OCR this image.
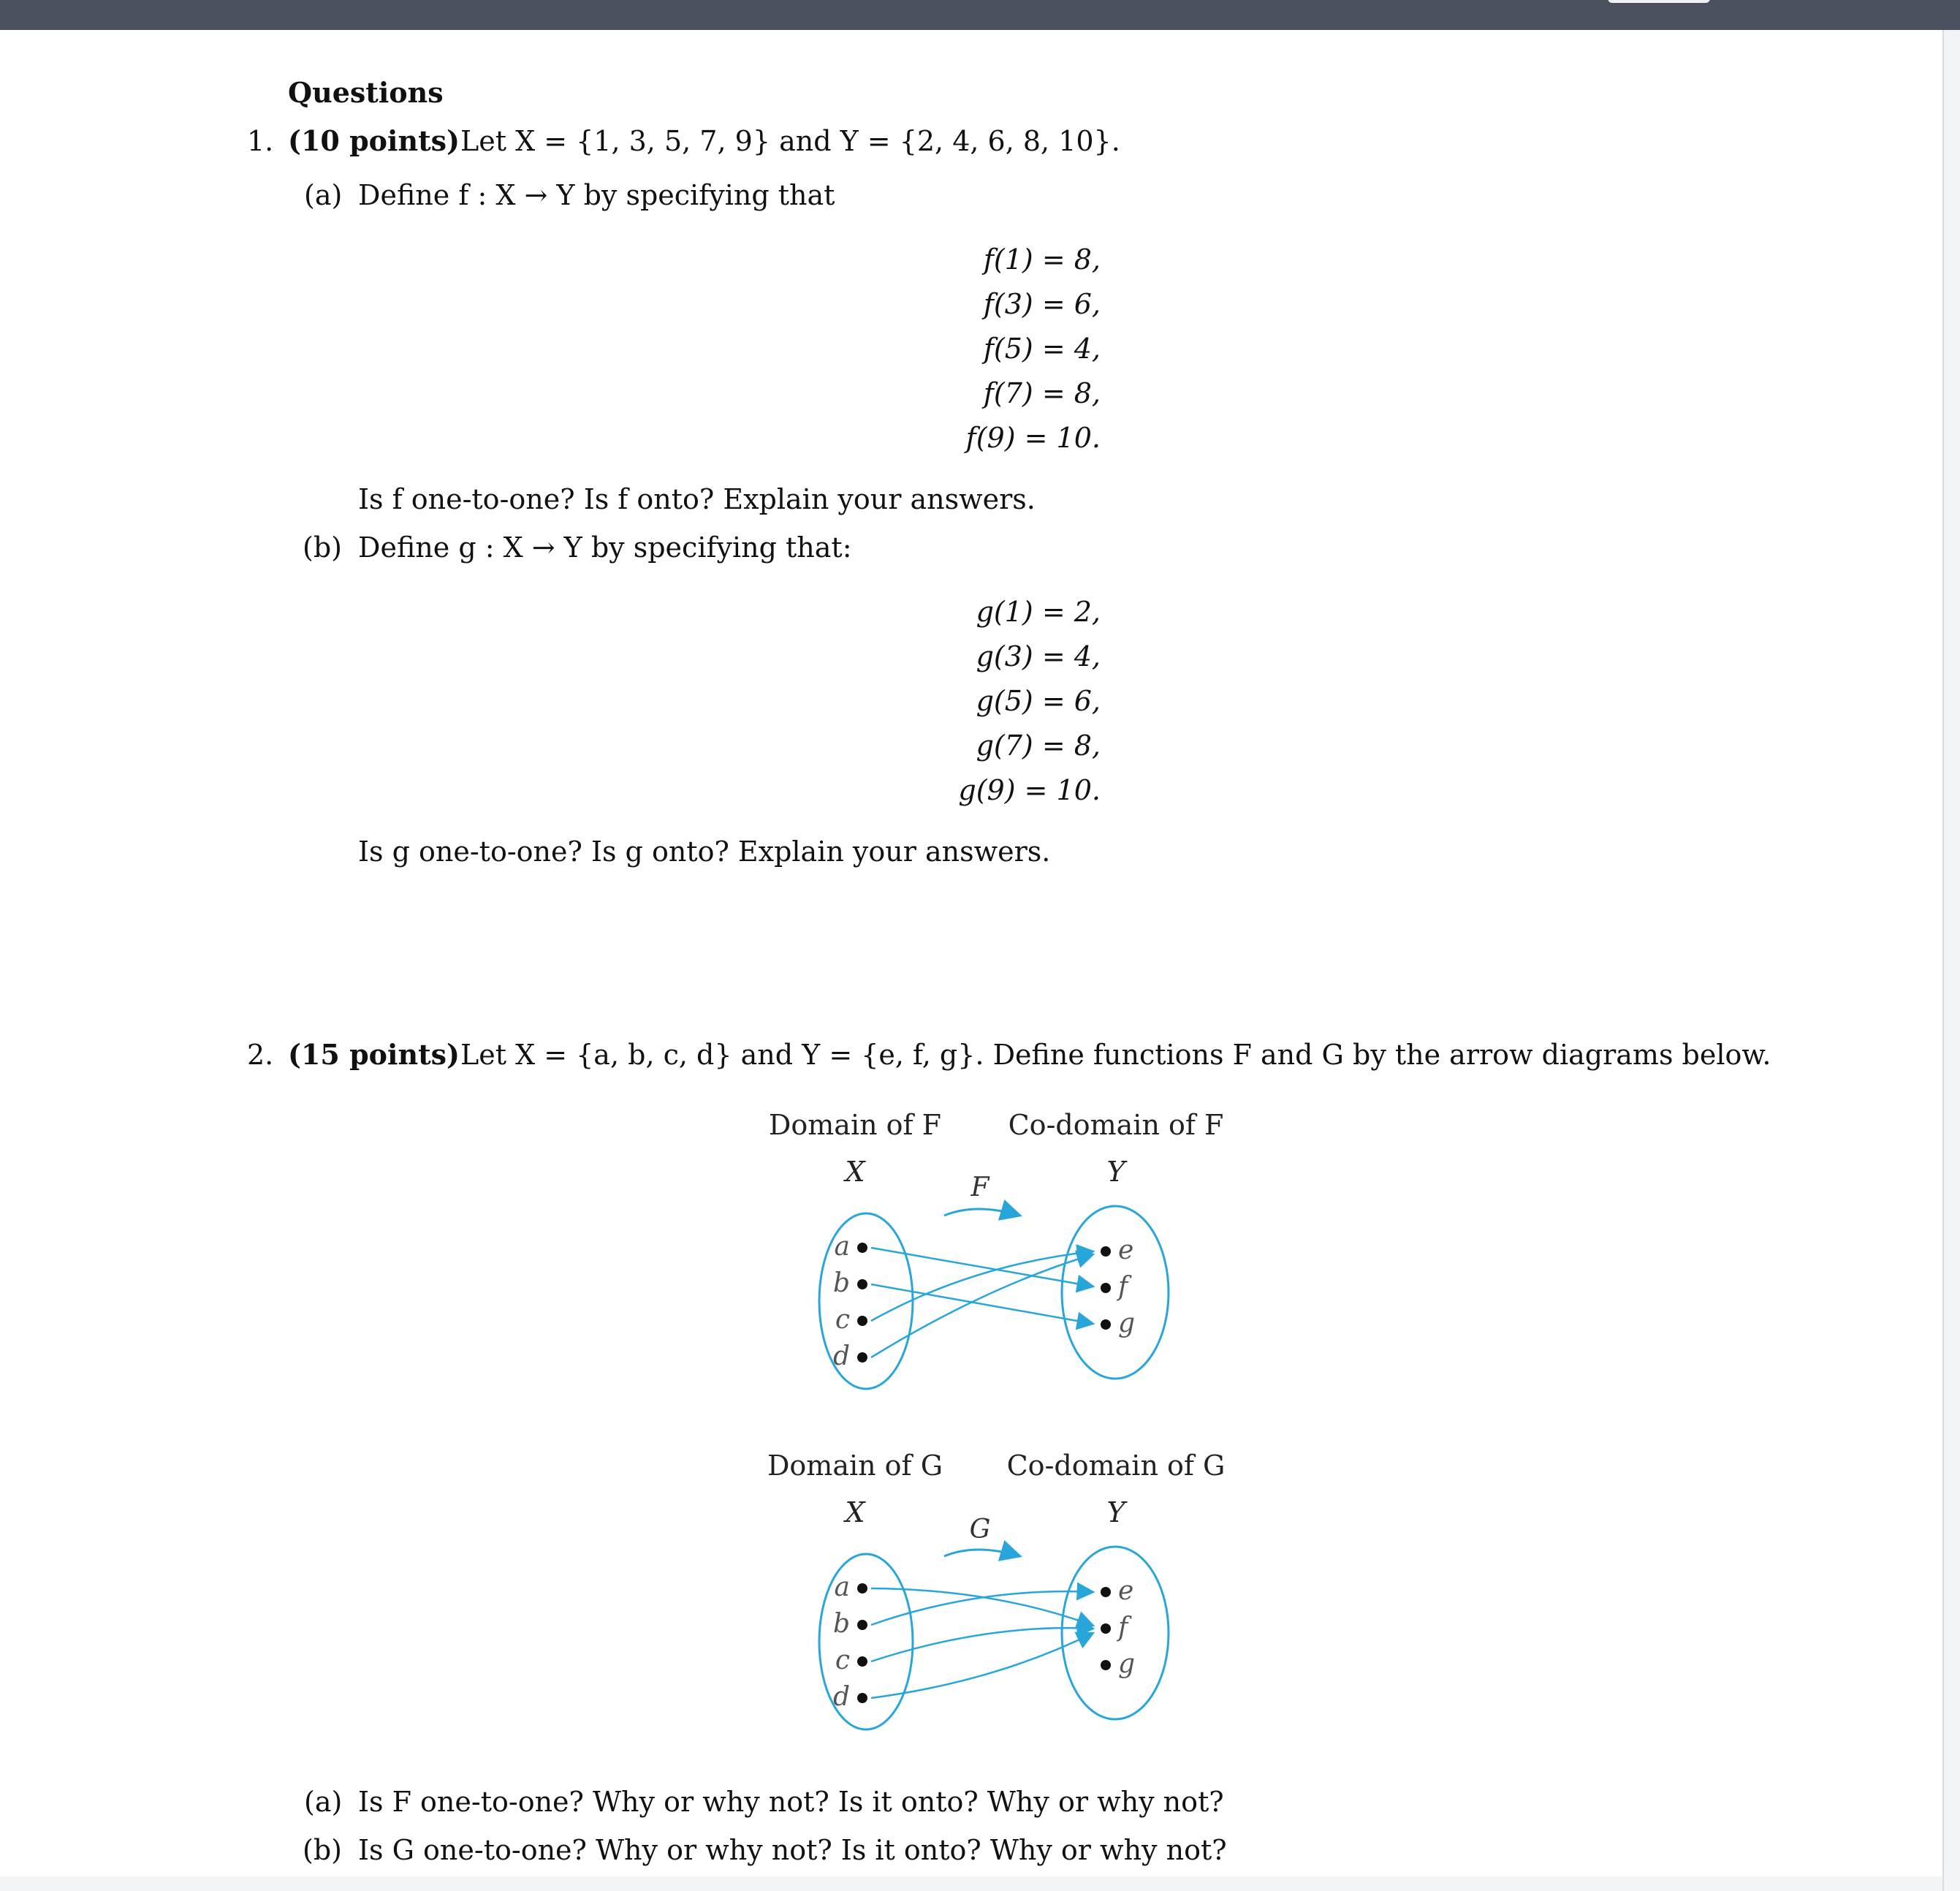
Questions
1. (10 points) Let X = {1, 3, 5, 7, 9} and Y = {2, 4, 6, 8, 10}.
(a) Define f : X → Y by specifying that
f(1) = 8,
f(3) = 6,
f(5) = 4,
f(7) = 8,
f(9) = 10.
Is f one-to-one? Is f onto? Explain your answers.
(b) Define g : X → Y by specifying that:
g(1) = 2,
g(3) = 4,
g(5) = 6,
g(7) = 8,
g(9) = 10.
Is g one-to-one? Is g onto? Explain your answers.
2. (15 points) Let X = {a, b, c, d} and Y = {e, f, g}. Define functions F and G by the arrow diagrams below.
Domain of F Co-domain of F
X	Y
F
a
b
c
d
e
f
g
Domain of G Co-domain of G
X	Y
G
a
b
c
d
e
f
g
(a) Is F one-to-one? Why or why not? Is it onto? Why or why not?
(b) Is G one-to-one? Why or why not? Is it onto? Why or why not?
